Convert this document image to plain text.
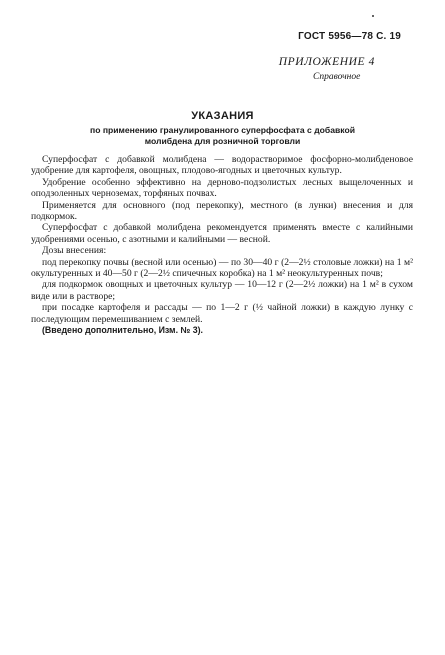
ГОСТ 5956—78 С. 19
ПРИЛОЖЕНИЕ 4
Справочное
УКАЗАНИЯ
по применению гранулированного суперфосфата с добавкой
молибдена для розничной торговли

Суперфосфат с добавкой молибдена — водорастворимое фосфорно-молибденовое удобрение для картофеля, овощных, плодово-ягодных и цветочных культур.

Удобрение особенно эффективно на дерново-подзолистых лесных выщелоченных и оподзоленных черноземах, торфяных почвах.

Применяется для основного (под перекопку), местного (в лунки) внесения и для подкормок.

Суперфосфат с добавкой молибдена рекомендуется применять вместе с калийными удобрениями осенью, с азотными и калийными — весной.

Дозы внесения:

под перекопку почвы (весной или осенью) — по 30—40 г (2—2½ столовые ложки) на 1 м² окультуренных и 40—50 г (2—2½ спичечных коробка) на 1 м² неокультуренных почв;

для подкормок овощных и цветочных культур — 10—12 г (2—2½ ложки) на 1 м² в сухом виде или в растворе;

при посадке картофеля и рассады — по 1—2 г (½ чайной ложки) в каждую лунку с последующим перемешиванием с землей.

(Введено дополнительно, Изм. № 3).
